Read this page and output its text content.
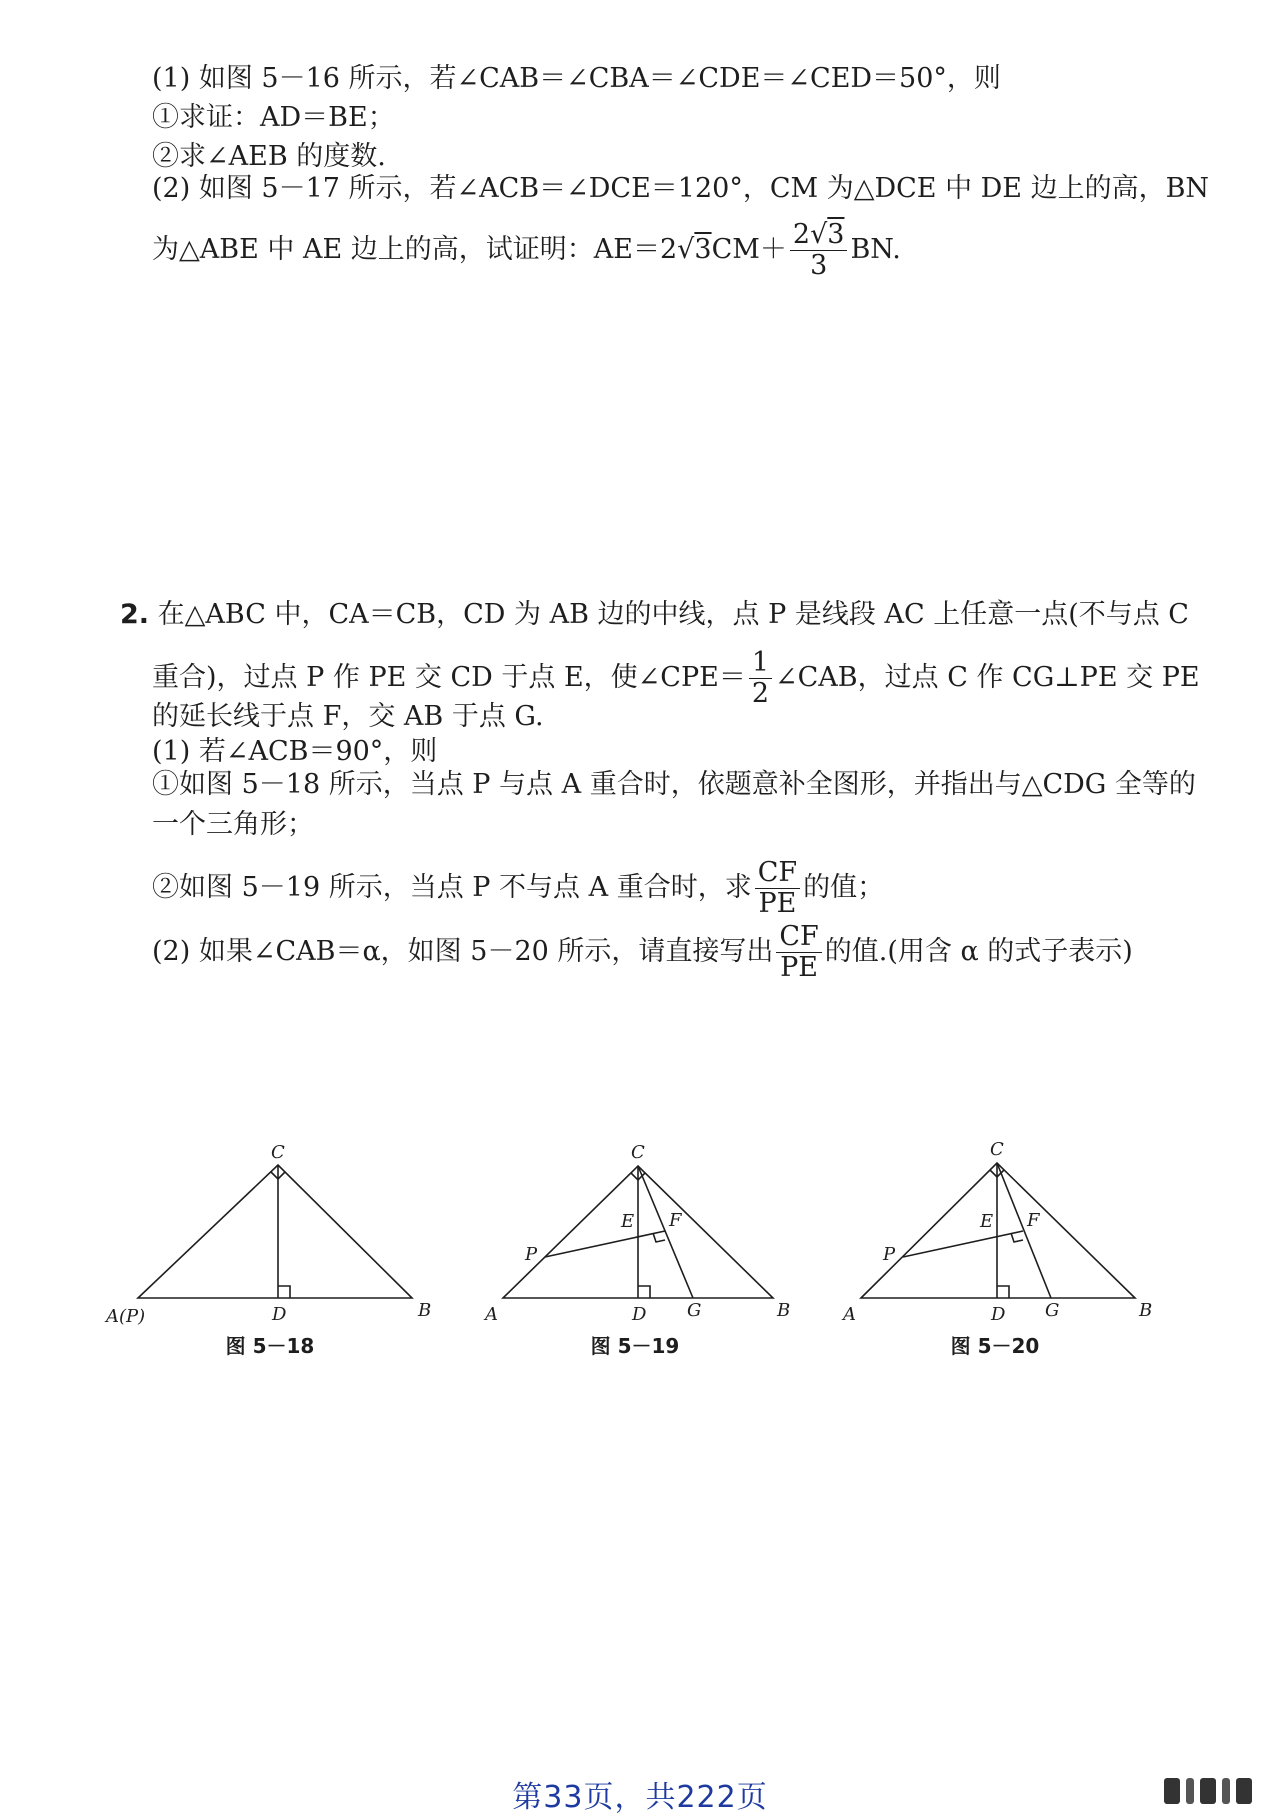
(1) 如图 5－16 所示，若∠CAB＝∠CBA＝∠CDE＝∠CED＝50°，则
①求证：AD＝BE；
②求∠AEB 的度数.
(2) 如图 5－17 所示，若∠ACB＝∠DCE＝120°，CM 为△DCE 中 DE 边上的高，BN
为△ABE 中 AE 边上的高，试证明：$AE=2√3CM+ \frac{2√3}{3}$ BN.
2. 在△ABC 中，CA＝CB，CD 为 AB 边的中线，点 P 是线段 AC 上任意一点(不与点 C
重合)，过点 P 作 PE 交 CD 于点 E，使∠CPE＝ $\frac{1}{2}$ ∠CAB，过点 C 作 CG⊥PE 交 PE
的延长线于点 F，交 AB 于点 G.
(1) 若∠ACB＝90°，则
①如图 5－18 所示，当点 P 与点 A 重合时，依题意补全图形，并指出与△CDG 全等的
一个三角形；
②如图 5－19 所示，当点 P 不与点 A 重合时，求 $\frac{CF}{PE}$ 的值；
(2) 如果∠CAB＝α，如图 5－20 所示，请直接写出 $\frac{CF}{PE}$ 的值.(用含 α 的式子表示)
C
A(P)	D	B
图 5－18
C
E F
P
A	D G	B
图 5－19
C
E F
P
A	D G	B
图 5－20
第33页，共222页
